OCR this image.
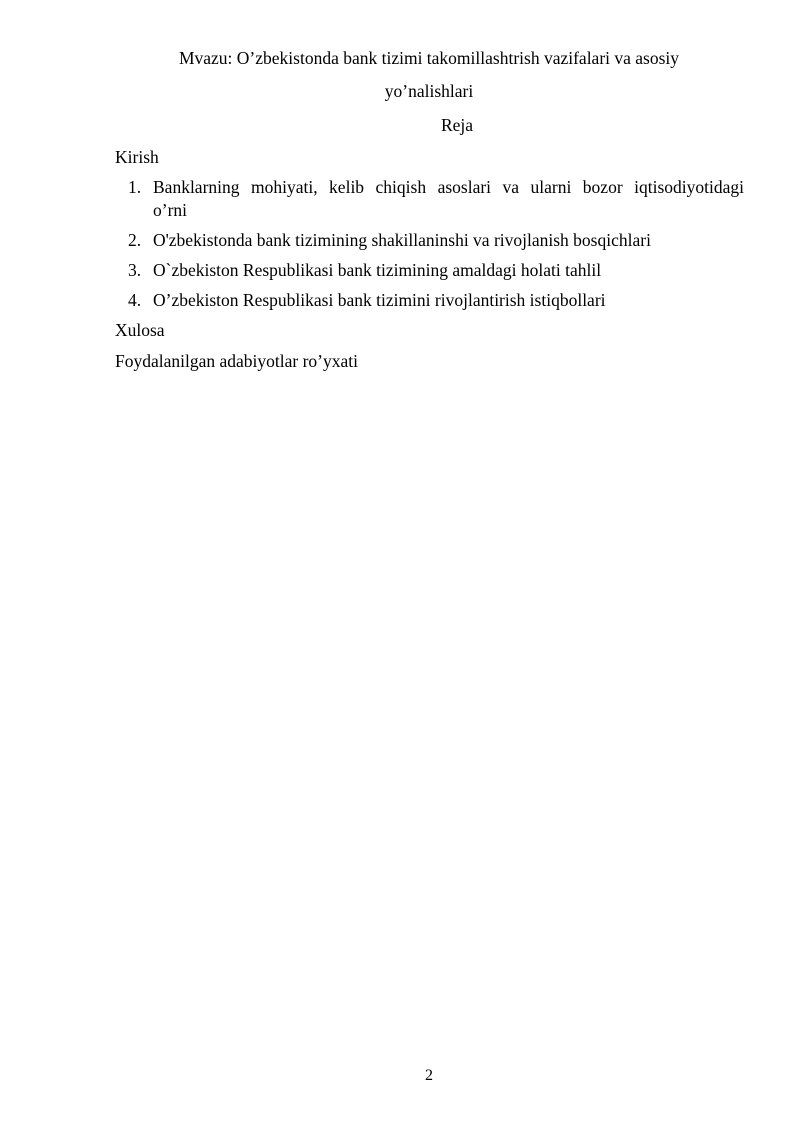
Mvazu: O’zbekistonda bank tizimi takomillashtrish vazifalari va asosiy
yo’nalishlari
Reja
Kirish
1. Banklarning mohiyati, kelib chiqish asoslari va ularni bozor iqtisodiyotidagi
o’rni
2. O'zbekistonda bank tizimining shakillaninshi va rivojlanish bosqichlari
3. O`zbekiston Respublikasi bank tizimining amaldagi holati tahlil
4. O’zbekiston Respublikasi bank tizimini rivojlantirish istiqbollari
Xulosa
Foydalanilgan adabiyotlar ro’yxati
2
